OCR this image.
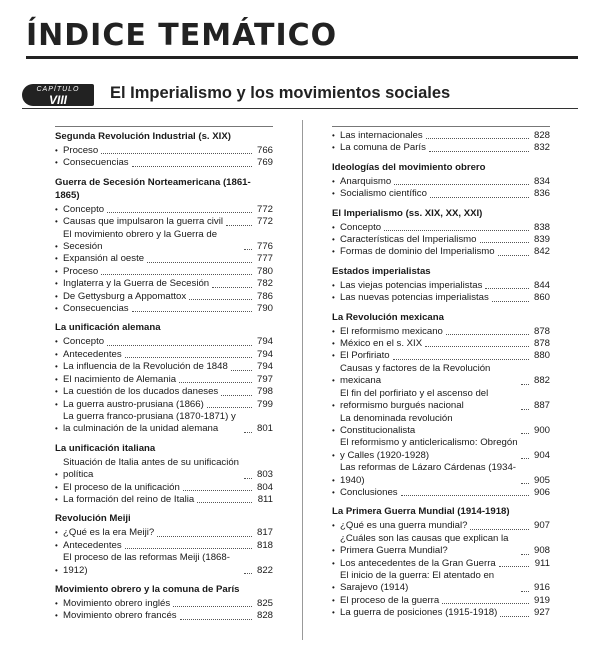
ÍNDICE TEMÁTICO
CAPÍTULO
VIII	El Imperialismo y los movimientos sociales
Segunda Revolución Industrial (s. XIX)
• Proceso	766
• Consecuencias	769
Guerra de Secesión Norteamericana (1861-1865)
• Concepto	772
• Causas que impulsaron la guerra civil	772
•
El movimiento obrero y la Guerra de Secesión	776
• Expansión al oeste	777
• Proceso	780
• Inglaterra y la Guerra de Secesión	782
• De Gettysburg a Appomattox	786
• Consecuencias	790
La unificación alemana
• Concepto	794
• Antecedentes	794
• La influencia de la Revolución de 1848	794
• El nacimiento de Alemania	797
• La cuestión de los ducados daneses	798
• La guerra austro-prusiana (1866)	799
•
La guerra franco-prusiana (1870-1871) y la culminación de la unidad alemana	801
La unificación italiana
•
Situación de Italia antes de su unificación política	803
• El proceso de la unificación	804
• La formación del reino de Italia	811
Revolución Meiji
• ¿Qué es la era Meiji?	817
• Antecedentes	818
•
El proceso de las reformas Meiji (1868-1912)	822
Movimiento obrero y la comuna de París
• Movimiento obrero inglés	825
• Movimiento obrero francés	828
• Las internacionales	828
• La comuna de París	832
Ideologías del movimiento obrero
• Anarquismo	834
• Socialismo científico	836
El Imperialismo (ss. XIX, XX, XXI)
• Concepto	838
• Características del Imperialismo	839
• Formas de dominio del Imperialismo	842
Estados imperialistas
• Las viejas potencias imperialistas	844
• Las nuevas potencias imperialistas	860
La Revolución mexicana
• El reformismo mexicano	878
• México en el s. XIX	878
• El Porfiriato	880
•
Causas y factores de la Revolución mexicana	882
•
El fin del porfiriato y el ascenso del reformismo burgués nacional	887
•
La denominada revolución Constitucionalista	900
•
El reformismo y anticlericalismo: Obregón y Calles (1920-1928)	904
•
Las reformas de Lázaro Cárdenas (1934-1940)	905
• Conclusiones	906
La Primera Guerra Mundial (1914-1918)
• ¿Qué es una guerra mundial?	907
•
¿Cuáles son las causas que explican la Primera Guerra Mundial?	908
• Los antecedentes de la Gran Guerra	911
•
El inicio de la guerra: El atentado en Sarajevo (1914)	916
• El proceso de la guerra	919
• La guerra de posiciones (1915-1918)	927
